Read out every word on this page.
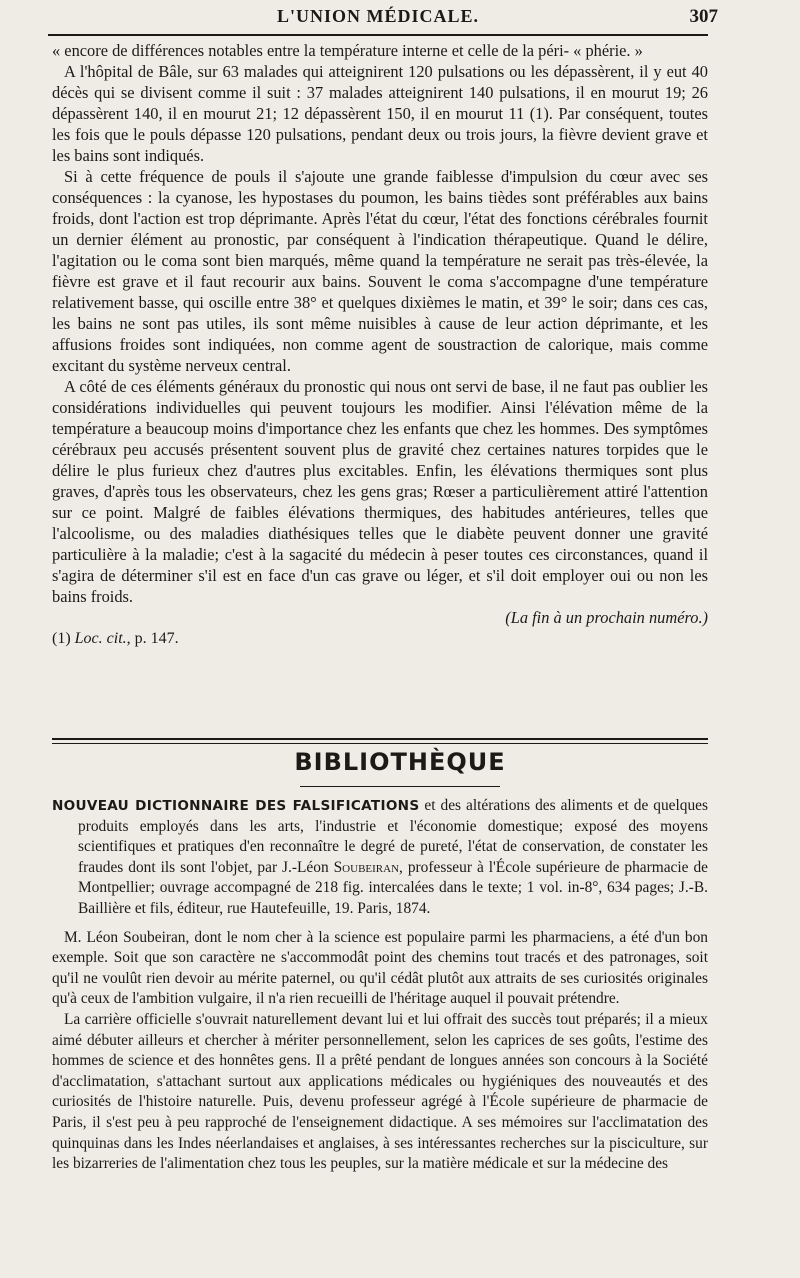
L'UNION MÉDICALE.	307

« encore de différences notables entre la température interne et celle de la péri- « phérie. »

A l'hôpital de Bâle, sur 63 malades qui atteignirent 120 pulsations ou les dépassèrent, il y eut 40 décès qui se divisent comme il suit : 37 malades atteignirent 140 pulsations, il en mourut 19; 26 dépassèrent 140, il en mourut 21; 12 dépassèrent 150, il en mourut 11 (1). Par conséquent, toutes les fois que le pouls dépasse 120 pulsations, pendant deux ou trois jours, la fièvre devient grave et les bains sont indiqués.

Si à cette fréquence de pouls il s'ajoute une grande faiblesse d'impulsion du cœur avec ses conséquences : la cyanose, les hypostases du poumon, les bains tièdes sont préférables aux bains froids, dont l'action est trop déprimante. Après l'état du cœur, l'état des fonctions cérébrales fournit un dernier élément au pronostic, par conséquent à l'indication thérapeutique. Quand le délire, l'agitation ou le coma sont bien marqués, même quand la température ne serait pas très-élevée, la fièvre est grave et il faut recourir aux bains. Souvent le coma s'accompagne d'une température relativement basse, qui oscille entre 38° et quelques dixièmes le matin, et 39° le soir; dans ces cas, les bains ne sont pas utiles, ils sont même nuisibles à cause de leur action déprimante, et les affusions froides sont indiquées, non comme agent de soustraction de calorique, mais comme excitant du système nerveux central.

A côté de ces éléments généraux du pronostic qui nous ont servi de base, il ne faut pas oublier les considérations individuelles qui peuvent toujours les modifier. Ainsi l'élévation même de la température a beaucoup moins d'importance chez les enfants que chez les hommes. Des symptômes cérébraux peu accusés présentent souvent plus de gravité chez certaines natures torpides que le délire le plus furieux chez d'autres plus excitables. Enfin, les élévations thermiques sont plus graves, d'après tous les observateurs, chez les gens gras; Rœser a particulièrement attiré l'attention sur ce point. Malgré de faibles élévations thermiques, des habitudes antérieures, telles que l'alcoolisme, ou des maladies diathésiques telles que le diabète peuvent donner une gravité particulière à la maladie; c'est à la sagacité du médecin à peser toutes ces circonstances, quand il s'agira de déterminer s'il est en face d'un cas grave ou léger, et s'il doit employer oui ou non les bains froids.

(La fin à un prochain numéro.)

(1) Loc. cit., p. 147.

BIBLIOTHÈQUE

NOUVEAU DICTIONNAIRE DES FALSIFICATIONS et des altérations des aliments et de quelques produits employés dans les arts, l'industrie et l'économie domestique; exposé des moyens scientifiques et pratiques d'en reconnaître le degré de pureté, l'état de conservation, de constater les fraudes dont ils sont l'objet, par J.-Léon Soubeiran, professeur à l'École supérieure de pharmacie de Montpellier; ouvrage accompagné de 218 fig. intercalées dans le texte; 1 vol. in-8°, 634 pages; J.-B. Baillière et fils, éditeur, rue Hautefeuille, 19. Paris, 1874.

M. Léon Soubeiran, dont le nom cher à la science est populaire parmi les pharmaciens, a été d'un bon exemple. Soit que son caractère ne s'accommodât point des chemins tout tracés et des patronages, soit qu'il ne voulût rien devoir au mérite paternel, ou qu'il cédât plutôt aux attraits de ses curiosités originales qu'à ceux de l'ambition vulgaire, il n'a rien recueilli de l'héritage auquel il pouvait prétendre.

La carrière officielle s'ouvrait naturellement devant lui et lui offrait des succès tout préparés; il a mieux aimé débuter ailleurs et chercher à mériter personnellement, selon les caprices de ses goûts, l'estime des hommes de science et des honnêtes gens. Il a prêté pendant de longues années son concours à la Société d'acclimatation, s'attachant surtout aux applications médicales ou hygiéniques des nouveautés et des curiosités de l'histoire naturelle. Puis, devenu professeur agrégé à l'École supérieure de pharmacie de Paris, il s'est peu à peu rapproché de l'enseignement didactique. A ses mémoires sur l'acclimatation des quinquinas dans les Indes néerlandaises et anglaises, à ses intéressantes recherches sur la pisciculture, sur les bizarreries de l'alimentation chez tous les peuples, sur la matière médicale et sur la médecine des
